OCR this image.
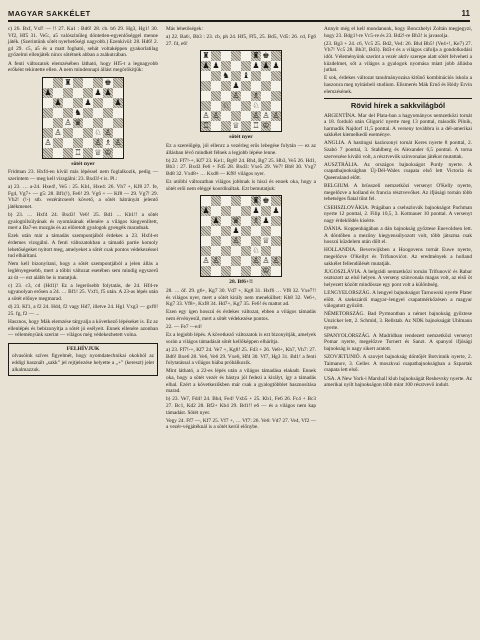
MAGYAR SAKKÉLET	11

c) 26. Bxf, Vxf! — !! 27. Ka1 : Bd6! 28. cb. b6 29. Hg3, Hg1! 30. Vf2, Hf5 31. Ve5:, a5 valószínűleg döntetlen-egyenlőséggel menne játék. (Szerintünk sötét nyerhetőségi nagyobb.) Ezenkívül: 28. Hd6! 2. g4 29. c5, a5 és a matt fogható, sehát voltaképpen gyakorlatilag győzelmi ellenjáték nincs sötétnek abban a zsákutcában.

A fenti változatok elemzésében látható, hogy Hf5-t a legnagyobb erőként tekintette ellen. A nem mindennapi állást megörökítjük:

♜	♚
♟	♟ ♟
♟	♟	♟
♞
♙ ♛
♙	♘ ♙
♙	♙ ♗ ♙
♖ ♕ ♔
sötét nyer

Fridman 23. Hxf4-en kívül más lépéssel nem foglalkozik, pedig — szerintem — meg kell vizsgálni: 23. Bxd3!-t is. Pl.:

a) 23. … a-24. Hxe4!, Ve5 : 25. Kb1, Hxe4: 26. Vh7 +, Kf8 27. fe, Fg4, Vg7+ — g5: 28. Bf1(!), Fe6! 29. Vg6 + — Kf8 — 29. Vg7! 29. Vh2! (!-) stb. vezérátcserét követő, a sötét hátrányát jelentő játékmenet.

b) 23. … Hxf4 24. Bxd3! Ve6! 25. Bd1 ... Kb1!! a sötét gyalogtúlsúlyának és nyomásának ellenére a világos kiegyenlített, mert a Ba7-es mozgás és az előretolt gyalogok gyengék maradnak.

Ezek után már a támadás szempontjából érdekes a 23. Hxf4-et érdemes vizsgálni. A fenti változatokban a támadó partie komoly lehetőségeket nyitott meg, amelyeket a sötét csak pontos védekezéssel tud elhárítani.

Nem kell bizonyítani, hogy a sötét szempontjából a jelen állás a leglényegesebb, mert a többi változat esetében sem mindig egyszerű az út — ezt alább be is mutatjuk.

c) 23. c3, cd (Hd1)! Ez a legerősebb folytatás, de 24. Hf4-re ugyanolyan erősen a 24. … Bf1! 25. Vxf1, f5 után. A 23-as lépés után a sötét előnye megmarad.

d) 23. Kf1, a f2 24. Hd4, f2 vagy Hd7, illetve 24. Hg1 Vxg3 — gxf6! 25. fg, f2 — ...

Hasznos, hogy Mák elemzése tárgyalja a következő lépéseket is. Ez az ellenlépés és bebizonyítja a sötét jó esélyeit. Ennek ellenére azonban — véleményünk szerint — világos még védekezhetett volna.

FELHÍVJUK
olvasóink szíves figyelmét, hogy nyomdatechnikai okokból az eddigi használt „sakk” jel rejtjelezése helyette a „+” (kereszt) jelet alkalmazzuk.

Más lehetőségek:

a) 22. Ba6:, Bb3 : 23. cb, ph 24. Hf5, Ff5, 25. Bd5, Vd5: 26. cd, Fg6 27. f4, e6!

♜	♜ ♚
♟ ♟	♟ ♟ ♟
♞ ♝
♟
♙ ♗
♘	♘
♙ ♙	♙ ♙ ♙
♖	♕ ♖ ♔
sötét nyer

Ez a szerelőgép, jól ellenrz a vezérleg erős lebegése folytán — ez az állásban lévő mindkét félnek a legjobb lépése lenne.

b) 22. Ff7!-+, Kf7 23. Ke1:, Bg8! 24. Bh4, Bg7 25. Hb3, Ve5 26. Hd1, Bb3 : 27. Bxd3 Fe6 + Fd5 28. Bxd3: Vxe5 29. Ve7! Bh8 30. Vxg7 Bd8 32. Vxd8+ … Kxd8 — Kf8! világos nyer.

Ez utóbbi változatban világos jobbnak is hiszi és ennek oka, hogy a sötét erői nem eléggé koordináltak. Ezt bemutatjuk:

♜ ♚
♟	♟ ♟
♟ ♛ ♗ ♟
♟
♙	♕
♘
♙ ♙	♙ ♙ ♙
♔
28. Bf6+!!

28. … öf. 29. g6+, Kg7 30. Vd7 +, Kg8 31. Hxf6 … Vf8 32. Vxe7!! és világos nyer, mert a sötét király nem menekülhet: Kh8 32. Ve6+, Kg7 33. Vf8+, Kxf8 34. Hd7+, Kg7 35. Fe6! és mattot ad.

Ezen egy igen hosszú és érdekes változat, ebben a világos támadás nem érvényesül, mert a sötét védekezése pontos.

22. — Fe7 —e4!

Ez a legjobb lépés. A következő változatok is ezt bizonyítják, amelyek során a világos támadását sötét kellőképpen elhárítja.

a) 23. Ff7!-+, Kf7 24. Ve7 +, Kg8! 25. Fd3 + 26. Ve8+, Kh7, Vh7: 27. Bd6! Bxe6 28. Ve6, Ve6 29. Vxe6, Hf4 30. Vf7, Hg3 31. Bd1! a fenti folytatással a világos hiába próbálkozik.

Mint látható, a 22-es lépés után a világos támadása elakadt. Ennek oka, hogy a sötét vezér és bástya jól fedezi a királyt, így a támadás elhal. Ezért a következőkben már csak a gyalogtöbblet hasznosítása marad.

b) 23. Ve7, Fd4! 24. Bb4, Fe4! Vxb5 + 25. Kb1, Fe6 26. Fc4 + Bc3 27. Bc1, Kd2 28. Bf2+ Kb4 29. Bd1!! e6 — és a világos nem kap támadást. Sötét nyer.

Vegy 24. Ff7 —, Kf7 25. Vf7 +, … Vf7: 26. Ve6: Vd7 27. Ve4, Vf2 — a vezér-végjátéknál is a sötét kerül előnybe.

Annyit még el kell mondanunk, hogy Bonczhelyi Zoltán megjegyzi, hogy 23. Bdg1!-re Vc5-re és 23. Bd2!-re Bh3! is javasolja.

(23. Bg3 + 24. c6, Vc5 25. Bd2, Ve4: 26. Bh4 Bb5! (Ve4+!, Ke7) 27. Vh7! Vc5 28. Bh3!, Bd3). Bd3-t és a világos cáfolja a gondolkodási időt. Véleményünk szerint a vezér aktív szerepe alatt sötét felveheti a küzdelmet, sőt a világos a gyalogok nyomása miatt jobb állásba juthat.

E sok, érdekes változat tanulmányozása kitűnő kombinációs iskola a haszonra meg nyitásbeli studium. Elismerés Mák Ernő és Hódy Ervin elemzésének.

Rövid hírek a sakkvilágból

ARGENTÍNA. Mar del Plata-ban a hagyományos nemzetközi tornát a 18. forduló után Gligorić nyerte meg 13 ponttal, második Pilnik, harmadik Najdorf 11,5 ponttal. A verseny továbbra is a dél-amerikai sakkélet kiemelkedő eseménye.

ANGLIA. A hastingsi karácsonyi tornát Keres nyerte 8 ponttal, 2. Szabó 7 ponttal, 3. Stahlberg és Alexander 6,5 ponttal. A torna szervezése kiváló volt, a résztvevők színvonalas játékot mutattak.

AUSZTRÁLIA. Az országos bajnokságot Purdy nyerte. A csapatbajnokságban Új-Dél-Wales csapata első lett Victoria és Queensland előtt.

BELGIUM. A brüsszeli nemzetközi versenyt O'Kelly nyerte, megelőzve a holland és francia résztvevőket. Az ifjúsági tornán több tehetséges fiatal tűnt fel.

CSEHSZLOVÁKIA. Prágában a csehszlovák bajnokságot Pachman nyerte 12 ponttal, 2. Filip 10,5, 3. Kottnauer 10 ponttal. A versenyt nagy érdeklődés kísérte.

DÁNIA. Koppenhágában a dán bajnokság győztese Enevoldsen lett. A döntőben a mezőny kiegyensúlyozott volt, több játszma csak hosszú küzdelem után dőlt el.

HOLLANDIA. Beverwijkben a Hoogovens tornát Euwe nyerte, megelőzve O'Kellyt és Trifunovićot. Az eredmények a holland sakkélet fellendülését mutatják.

JUGOSZLÁVIA. A belgrádi nemzetközi tornán Trifunović és Rabar osztozott az első helyen. A verseny színvonala magas volt, az első öt helyezett között mindössze egy pont volt a különbség.

LENGYELORSZÁG. A lengyel bajnokságot Tarnowski nyerte Plater előtt. A szekszárdi magyar–lengyel csapatmérkőzésen a magyar válogatott győzött.

NÉMETORSZÁG. Bad Pyrmontban a német bajnokság győztese Unzicker lett, 2. Schmid, 3. Rellstab. Az NDK bajnokságát Uhlmann nyerte.

SPANYOLORSZÁG. A Madridban rendezett nemzetközi versenyt Pomar nyerte, megelőzve Tornert és Sanzt. A spanyol ifjúsági bajnokság is nagy sikert aratott.

SZOVJETUNIÓ. A szovjet bajnokság döntőjét Botvinnik nyerte, 2. Taimanov, 3. Geller. A moszkvai csapatbajnokságban a Szpartak csapata lett első.

USA. A New York-i Marshall klub bajnokságát Reshevsky nyerte. Az amerikai nyílt bajnokságon több mint 100 résztvevő indult.
